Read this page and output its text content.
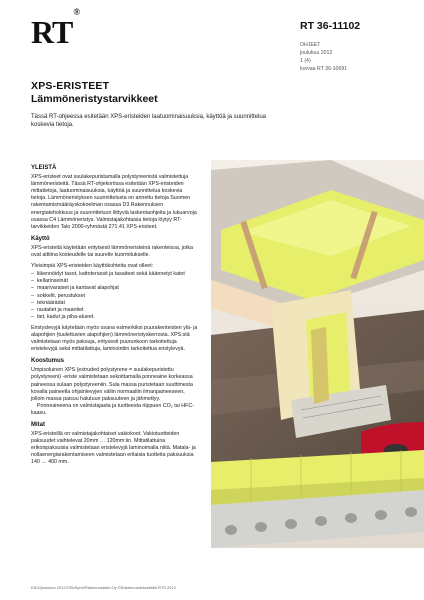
RT®
RT 36-11102
OHJEET
joulukuu 2012
1 (4)
korvaa RT 36-10691
XPS-ERISTEET
Lämmöneristystarvikkeet
Tässä RT-ohjeessa esitetään XPS-eristeiden laatuominaisuuksia, käyttöä ja suunnittelua koskevia tietoja.
YLEISTÄ

XPS-eristeet ovat suulakepuristamalla polystyreenistä valmistettuja lämmöneristeitä. Tässä RT-ohjekortissa esitetään XPS-eristeiden mittatietoja, laatuominaisuuksia, käyttöä ja suunnittelua koskevia tietoja. Lämmöneristyksen suunnittelusta on annettu tietoja Suomen rakentamismääräyskokoelman osassa D3 Rakennuksen energiatehokkuus ja suunnitteluun liittyviä laskentaohjeita ja lukuarvoja osassa C4 Lämmöneristys. Valmistajakohtaisia tietoja löytyy RT-tarvikkeiden Talo 2000-ryhmästä 271.41 XPS-eristeet.

Käyttö

XPS-eristeitä käytetään erityisesti lämmöneristeinä rakenteissa, jotka ovat alttiina kosteudelle tai suurelle kuormitukselle.

Yleisimpiä XPS-eristeiden käyttökohteita ovat olleet:

– liikennöidyt tasot, kattoterassit ja tasaiteet sekä käännetyt katot
– kellarinseinät
– maanvaraiset ja kantavat alapohjat
– sokkelit, perustukset
– teknäärädat
– rautatiet ja maantiet
– tiet, kadut ja piha-alueet.

Eristyslevyjä käytetään myös osana esimerkiksi puurakenteisten ylä- ja alapohjien (tuulettuvien alapohjien) lämmöneristyskerrosta. XPS:stä valmistetaan myös paksuja, eritysesti puurunkoon tarkoitettuja eristelevyjä sekä mittatilattuja, laminointiin tarkoitettua eristylevyä.

Koostumus

Umpisoluinen XPS (extruded polystyrene = suulakepuristettu polystyreeni) -eriste valmistetaan sekoittamalla ponneaine korkeassa paineessa sulaan polystyreeniin. Sula massa puristetaan suuttimesta kovalla paineella ohjainlevyjen väliin normaaliin ilmanpaineeseen, jolloin massa paisuu halutuun paksuuteen ja jähmettyy.

Ponneaineena on valmistajasta ja tuotteesta riippuen CO₂ tai HFC-kaasu.

Mitat

XPS-eristeillä on valmistajakohtaiset vakiokoot. Vakiotuotteiden paksuudet vaihtelevat 20mm … 120mm:iin. Mittatilattuina erikoispaksuisia valmistetaan eristelevyjä laminoimalla niitä. Matala- ja nollaenergiarakentamiseen valmistetaan erilaisia tuotteita paksuuksia 140 … 400 mm.

KS/1/joulukuu 2012/795/Kynö/Rakennustieto Oy ©Rakennustietosäätiö RTS 2012
